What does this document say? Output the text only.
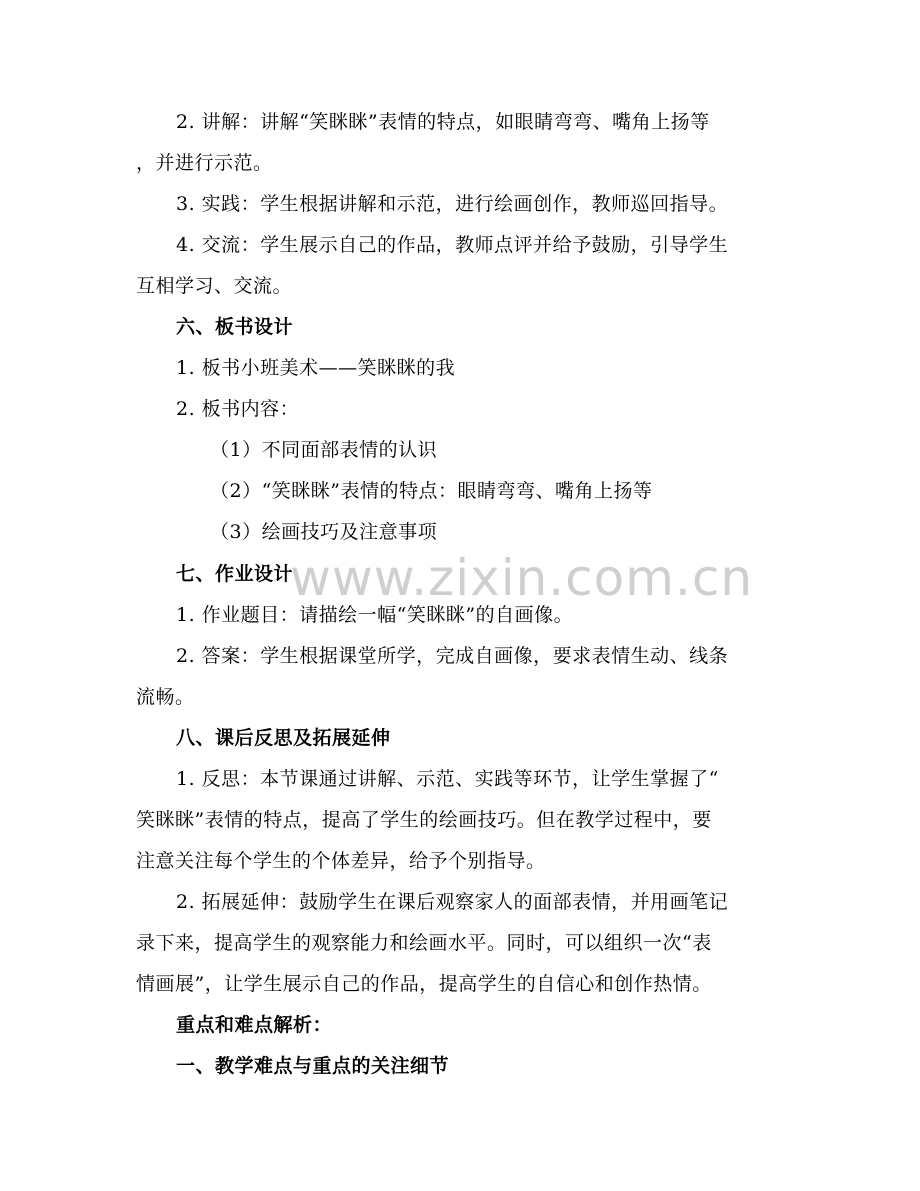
2. 讲解：讲解“笑眯眯”表情的特点，如眼睛弯弯、嘴角上扬等
，并进行示范。
3. 实践：学生根据讲解和示范，进行绘画创作，教师巡回指导。
4. 交流：学生展示自己的作品，教师点评并给予鼓励，引导学生
互相学习、交流。
六、板书设计
1. 板书小班美术——笑眯眯的我
2. 板书内容：
（1）不同面部表情的认识
（2）“笑眯眯”表情的特点：眼睛弯弯、嘴角上扬等
（3）绘画技巧及注意事项
七、作业设计
1. 作业题目：请描绘一幅“笑眯眯”的自画像。
2. 答案：学生根据课堂所学，完成自画像，要求表情生动、线条
流畅。
八、课后反思及拓展延伸
1. 反思：本节课通过讲解、示范、实践等环节，让学生掌握了“
笑眯眯”表情的特点，提高了学生的绘画技巧。但在教学过程中，要
注意关注每个学生的个体差异，给予个别指导。
2. 拓展延伸：鼓励学生在课后观察家人的面部表情，并用画笔记
录下来，提高学生的观察能力和绘画水平。同时，可以组织一次“表
情画展”，让学生展示自己的作品，提高学生的自信心和创作热情。
重点和难点解析：
一、教学难点与重点的关注细节
www.zixin.com.cn
